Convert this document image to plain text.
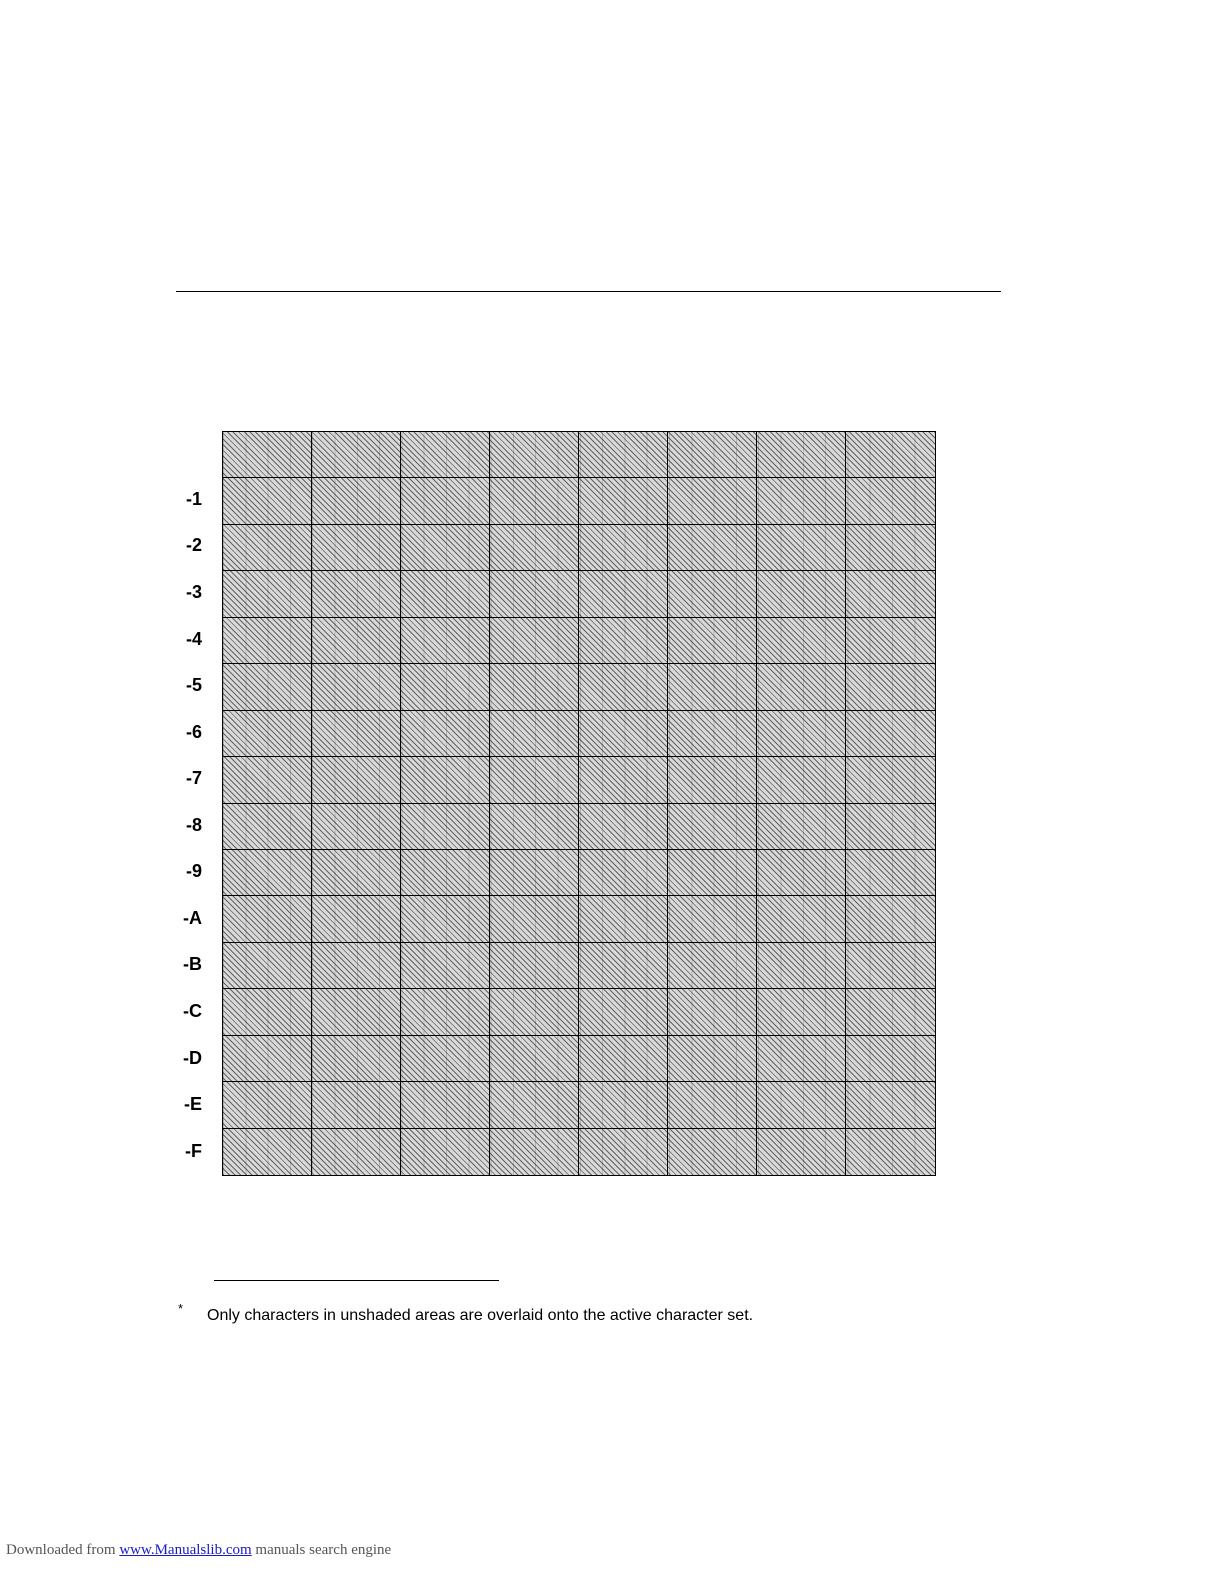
-1
-2
-3
-4
-5
-6
-7
-8
-9
-A
-B
-C
-D
-E
-F
* Only characters in unshaded areas are overlaid onto the active character set.
Downloaded from www.Manualslib.com manuals search engine
